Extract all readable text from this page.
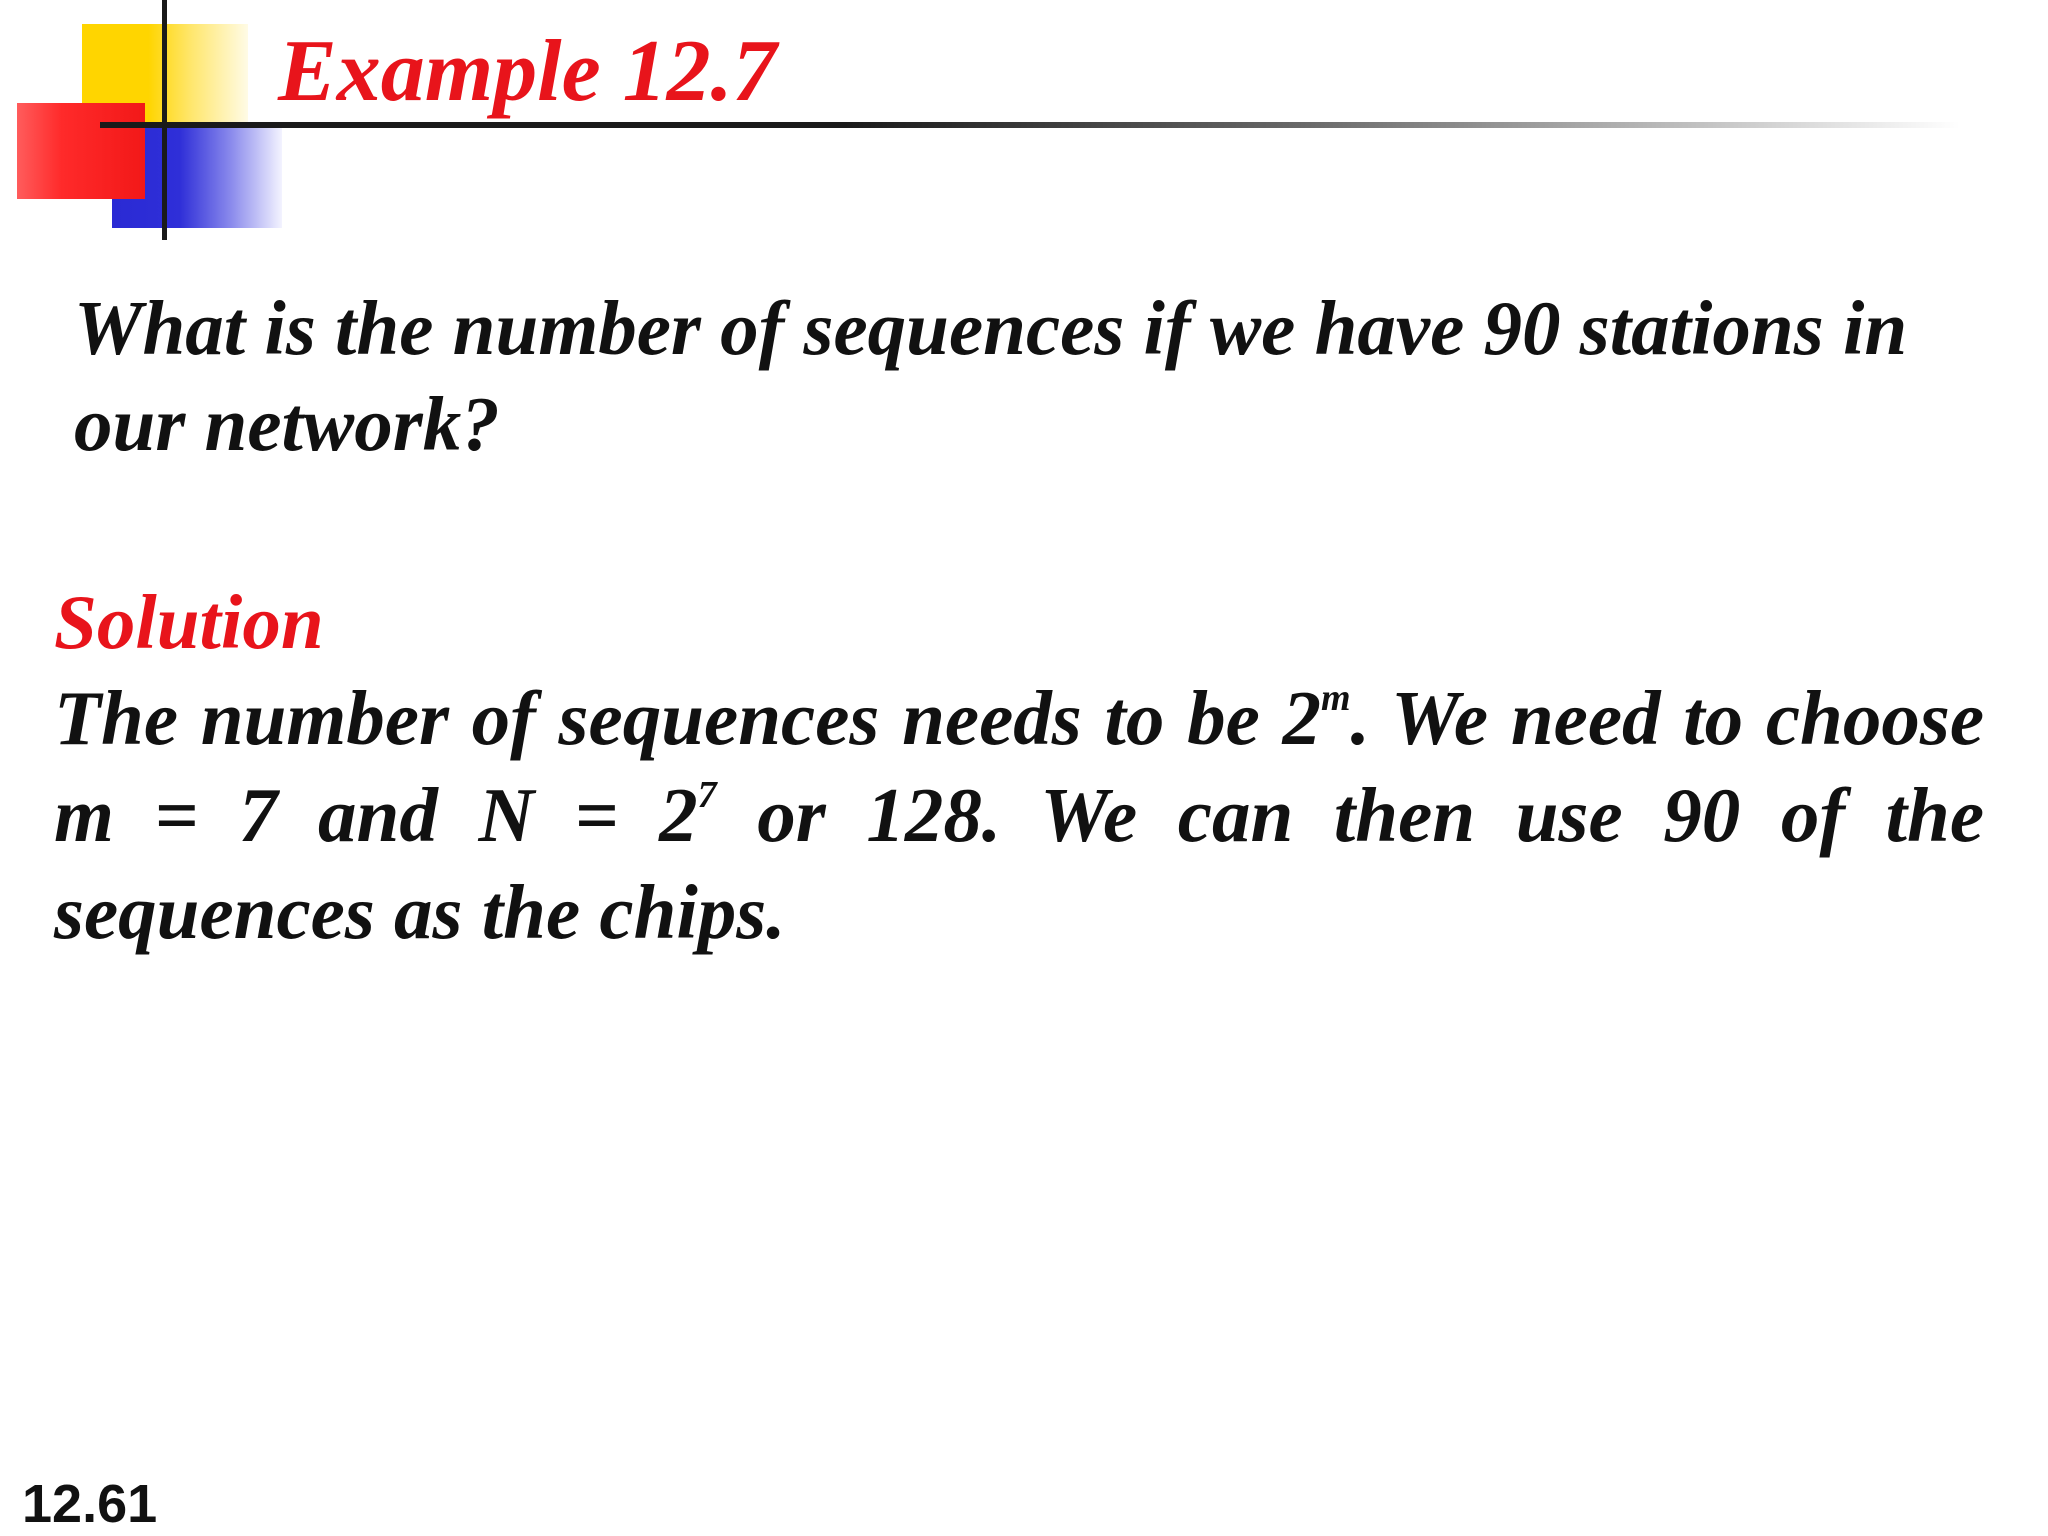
Example 12.7

What is the number of sequences if we have 90 stations in our network?

Solution

The number of sequences needs to be 2$^m$. We need to choose m = 7 and $N = 2^7$ or 128. We can then use 90 of the sequences as the chips.

12.61
